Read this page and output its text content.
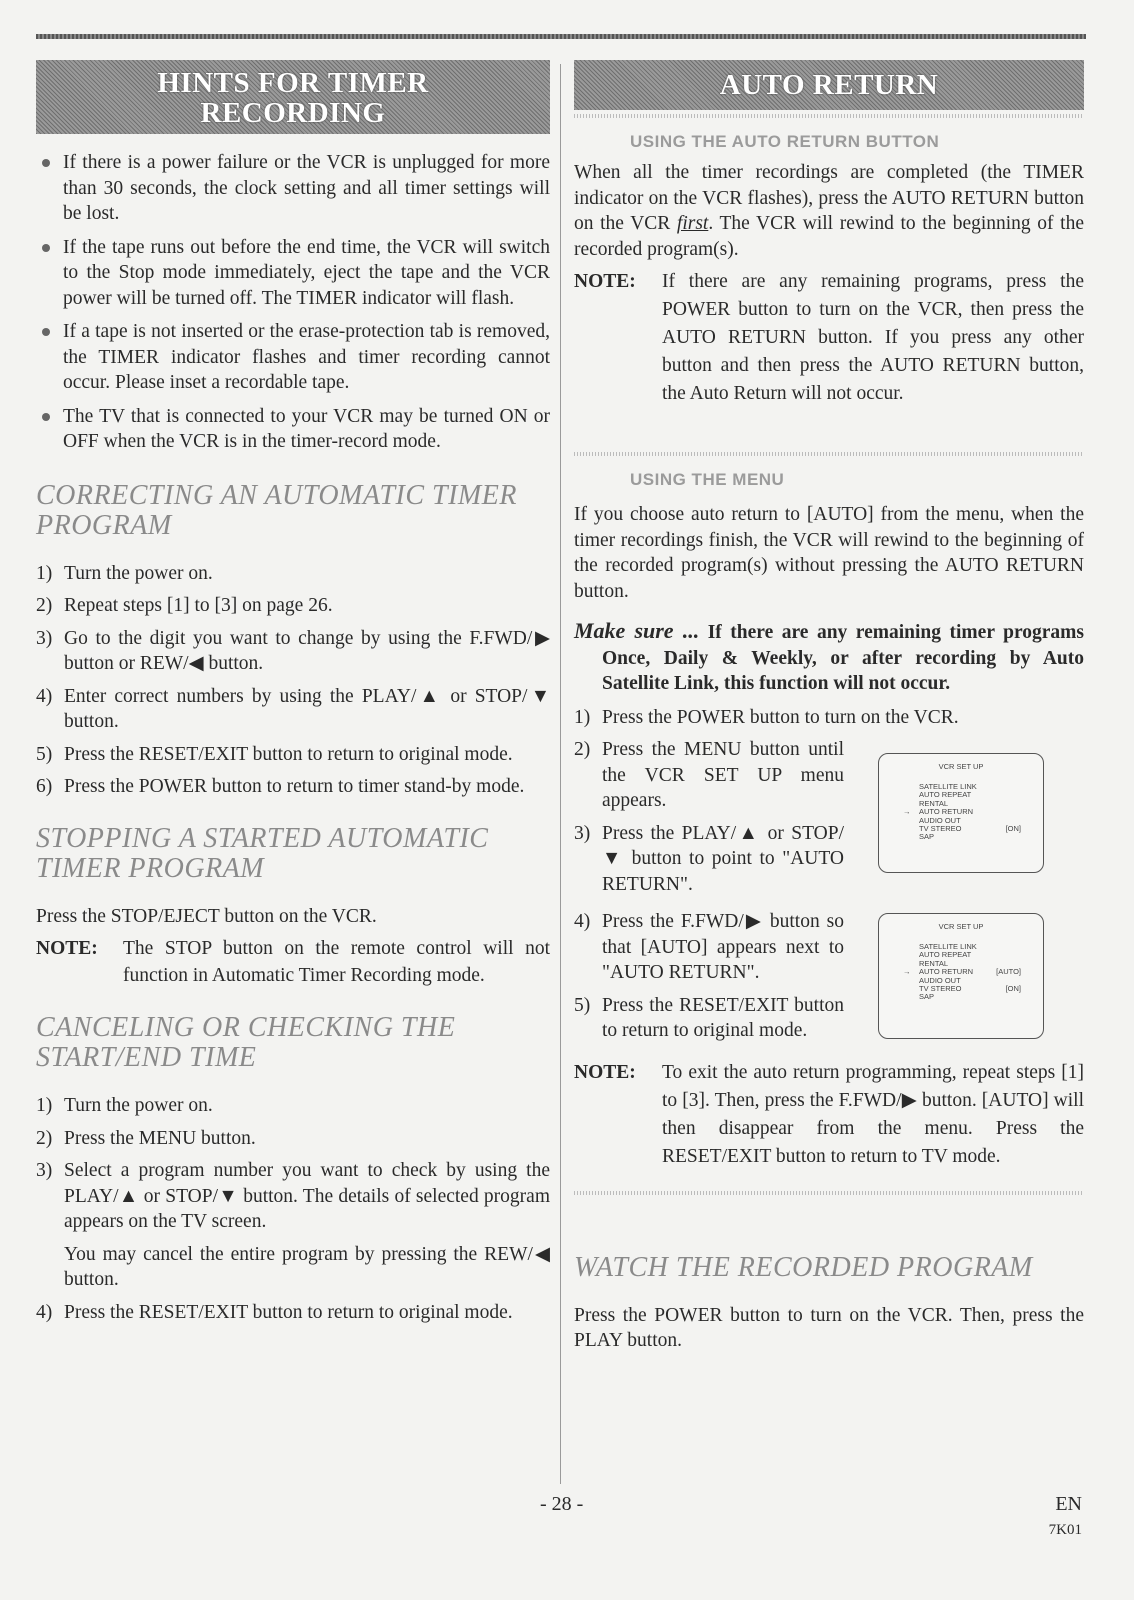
HINTS FOR TIMER
RECORDING
If there is a power failure or the VCR is unplugged for more than 30 seconds, the clock setting and all timer settings will be lost.
If the tape runs out before the end time, the VCR will switch to the Stop mode immediately, eject the tape and the VCR power will be turned off. The TIMER indicator will flash.
If a tape is not inserted or the erase-protection tab is removed, the TIMER indicator flashes and timer recording cannot occur. Please inset a recordable tape.
The TV that is connected to your VCR may be turned ON or OFF when the VCR is in the timer-record mode.
CORRECTING AN AUTOMATIC TIMER
PROGRAM
1) Turn the power on.
2) Repeat steps [1] to [3] on page 26.
3) Go to the digit you want to change by using the F.FWD/▶ button or REW/◀ button.
4) Enter correct numbers by using the PLAY/▲ or STOP/▼ button.
5) Press the RESET/EXIT button to return to original mode.
6) Press the POWER button to return to timer stand-by mode.
STOPPING A STARTED AUTOMATIC
TIMER PROGRAM

Press the STOP/EJECT button on the VCR.

NOTE: The STOP button on the remote control will not function in Automatic Timer Recording mode.
CANCELING OR CHECKING THE
START/END TIME
1) Turn the power on.
2) Press the MENU button.
3) Select a program number you want to check by using the PLAY/▲ or STOP/▼ button. The details of selected program appears on the TV screen.

You may cancel the entire program by pressing the REW/◀ button.

4) Press the RESET/EXIT button to return to original mode.
AUTO RETURN
USING THE AUTO RETURN BUTTON

When all the timer recordings are completed (the TIMER indicator on the VCR flashes), press the AUTO RETURN button on the VCR first. The VCR will rewind to the beginning of the recorded program(s).

NOTE: If there are any remaining programs, press the POWER button to turn on the VCR, then press the AUTO RETURN button. If you press any other button and then press the AUTO RETURN button, the Auto Return will not occur.
USING THE MENU

If you choose auto return to [AUTO] from the menu, when the timer recordings finish, the VCR will rewind to the beginning of the recorded program(s) without pressing the AUTO RETURN button.

Make sure ... If there are any remaining timer programs Once, Daily & Weekly, or after recording by Auto Satellite Link, this function will not occur.
1) Press the POWER button to turn on the VCR.
2) Press the MENU button until the VCR SET UP menu appears.
3) Press the PLAY/▲ or STOP/▼ button to point to "AUTO RETURN".
4) Press the F.FWD/▶ button so that [AUTO] appears next to "AUTO RETURN".
5) Press the RESET/EXIT button to return to original mode.
VCR SET UP
SATELLITE LINK
AUTO REPEAT
RENTAL
→ AUTO RETURN
AUDIO OUT
TV STEREO	[ON]
SAP
VCR SET UP
SATELLITE LINK
AUTO REPEAT
RENTAL
→ AUTO RETURN	[AUTO]
AUDIO OUT
TV STEREO	[ON]
SAP
NOTE: To exit the auto return programming, repeat steps [1] to [3]. Then, press the F.FWD/▶ button. [AUTO] will then disappear from the menu. Press the RESET/EXIT button to return to TV mode.
WATCH THE RECORDED PROGRAM

Press the POWER button to turn on the VCR. Then, press the PLAY button.

- 28 -	EN
7K01
